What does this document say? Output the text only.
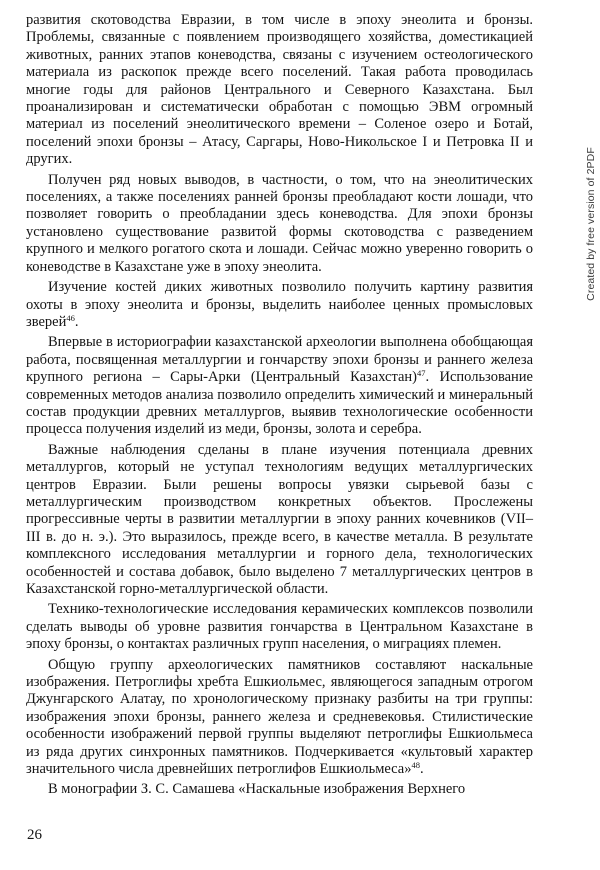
развития скотоводства Евразии, в том числе в эпоху энеолита и бронзы. Проблемы, связанные с появлением производящего хозяйства, доместикацией животных, ранних этапов коневодства, связаны с изучением остеологического материала из раскопок прежде всего поселений. Такая работа проводилась многие годы для районов Центрального и Северного Казахстана. Был проанализирован и систематически обработан с помощью ЭВМ огромный материал из поселений энеолитического времени – Соленое озеро и Ботай, поселений эпохи бронзы – Атасу, Саргары, Ново-Никольское I и Петровка II и других.

Получен ряд новых выводов, в частности, о том, что на энеолитических поселениях, а также поселениях ранней бронзы преобладают кости лошади, что позволяет говорить о преобладании здесь коневодства. Для эпохи бронзы установлено существование развитой формы скотоводства с разведением крупного и мелкого рогатого скота и лошади. Сейчас можно уверенно говорить о коневодстве в Казахстане уже в эпоху энеолита.

Изучение костей диких животных позволило получить картину развития охоты в эпоху энеолита и бронзы, выделить наиболее ценных промысловых зверей$^{46}$.

Впервые в историографии казахстанской археологии выполнена обобщающая работа, посвященная металлургии и гончарству эпохи бронзы и раннего железа крупного региона – Сары-Арки (Центральный Казахстан)$^{47}$. Использование современных методов анализа позволило определить химический и минеральный состав продукции древних металлургов, выявив технологические особенности процесса получения изделий из меди, бронзы, золота и серебра.

Важные наблюдения сделаны в плане изучения потенциала древних металлургов, который не уступал технологиям ведущих металлургических центров Евразии. Были решены вопросы увязки сырьевой базы с металлургическим производством конкретных объектов. Прослежены прогрессивные черты в развитии металлургии в эпоху ранних кочевников (VII–III в. до н. э.). Это выразилось, прежде всего, в качестве металла. В результате комплексного исследования металлургии и горного дела, технологических особенностей и состава добавок, было выделено 7 металлургических центров в Казахстанской горно-металлургической области.

Технико-технологические исследования керамических комплексов позволили сделать выводы об уровне развития гончарства в Центральном Казахстане в эпоху бронзы, о контактах различных групп населения, о миграциях племен.

Общую группу археологических памятников составляют наскальные изображения. Петроглифы хребта Ешкиольмес, являющегося западным отрогом Джунгарского Алатау, по хронологическому признаку разбиты на три группы: изображения эпохи бронзы, раннего железа и средневековья. Стилистические особенности изображений первой группы выделяют петроглифы Ешкиольмеса из ряда других синхронных памятников. Подчеркивается «культовый характер значительного числа древнейших петроглифов Ешкиольмеса»$^{48}$.

В монографии З. С. Самашева «Наскальные изображения Верхнего

26
Created by free version of 2PDF
